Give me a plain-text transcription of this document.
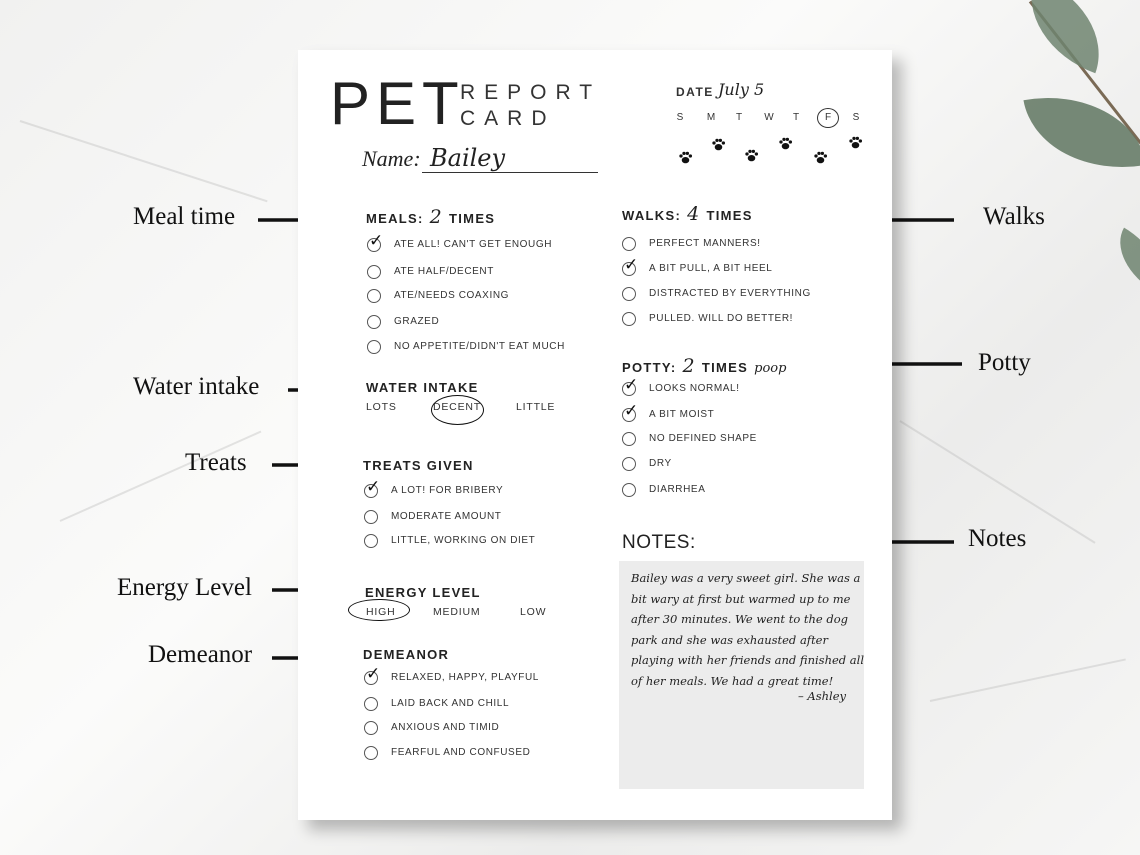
Meal time
Water intake
Treats
Energy Level
Demeanor
Walks
Potty
Notes
PET
REPORT
CARD
Name: Bailey
DATE July 5
S	M	T	W	T	F	S
MEALS: 2 TIMES
✓ ATE ALL! CAN'T GET ENOUGH
ATE HALF/DECENT
ATE/NEEDS COAXING
GRAZED
NO APPETITE/DIDN'T EAT MUCH
WATER INTAKE
LOTS	DECENT	LITTLE
TREATS GIVEN
✓ A LOT! FOR BRIBERY
MODERATE AMOUNT
LITTLE, WORKING ON DIET
ENERGY LEVEL
HIGH	MEDIUM	LOW
DEMEANOR
✓ RELAXED, HAPPY, PLAYFUL
LAID BACK AND CHILL
ANXIOUS AND TIMID
FEARFUL AND CONFUSED
WALKS: 4 TIMES
PERFECT MANNERS!
✓ A BIT PULL, A BIT HEEL
DISTRACTED BY EVERYTHING
PULLED. WILL DO BETTER!
POTTY: 2 TIMES poop
✓ LOOKS NORMAL!
✓ A BIT MOIST
NO DEFINED SHAPE
DRY
DIARRHEA
NOTES:
Bailey was a very sweet girl. She was a
bit wary at first but warmed up to me
after 30 minutes. We went to the dog
park and she was exhausted after
playing with her friends and finished all
of her meals. We had a great time!
– Ashley
